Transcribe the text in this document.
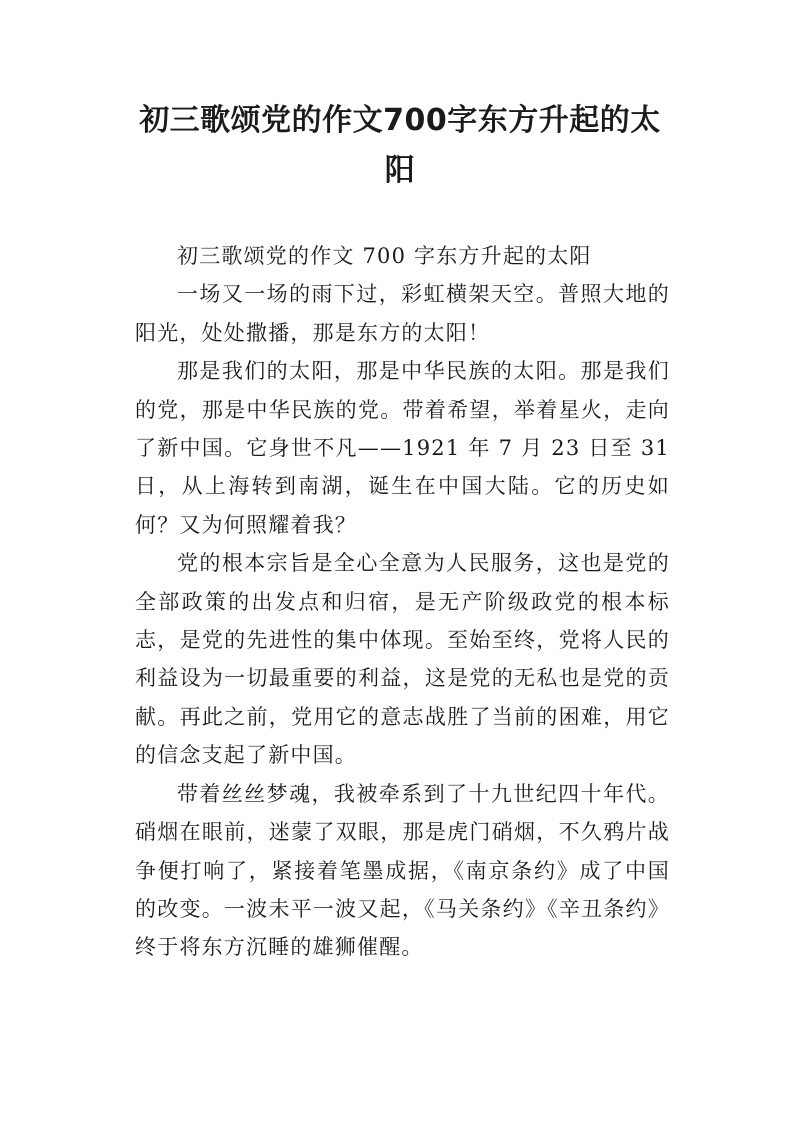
初三歌颂党的作文700字东方升起的太阳

初三歌颂党的作文 700 字东方升起的太阳

一场又一场的雨下过，彩虹横架天空。普照大地的阳光，处处撒播，那是东方的太阳！

那是我们的太阳，那是中华民族的太阳。那是我们的党，那是中华民族的党。带着希望，举着星火，走向了新中国。它身世不凡——1921 年 7 月 23 日至 31 日，从上海转到南湖，诞生在中国大陆。它的历史如何？又为何照耀着我？

党的根本宗旨是全心全意为人民服务，这也是党的全部政策的出发点和归宿，是无产阶级政党的根本标志，是党的先进性的集中体现。至始至终，党将人民的利益设为一切最重要的利益，这是党的无私也是党的贡献。再此之前，党用它的意志战胜了当前的困难，用它的信念支起了新中国。

带着丝丝梦魂，我被牵系到了十九世纪四十年代。硝烟在眼前，迷蒙了双眼，那是虎门硝烟，不久鸦片战争便打响了，紧接着笔墨成据，《南京条约》成了中国的改变。一波未平一波又起，《马关条约》《辛丑条约》终于将东方沉睡的雄狮催醒。
